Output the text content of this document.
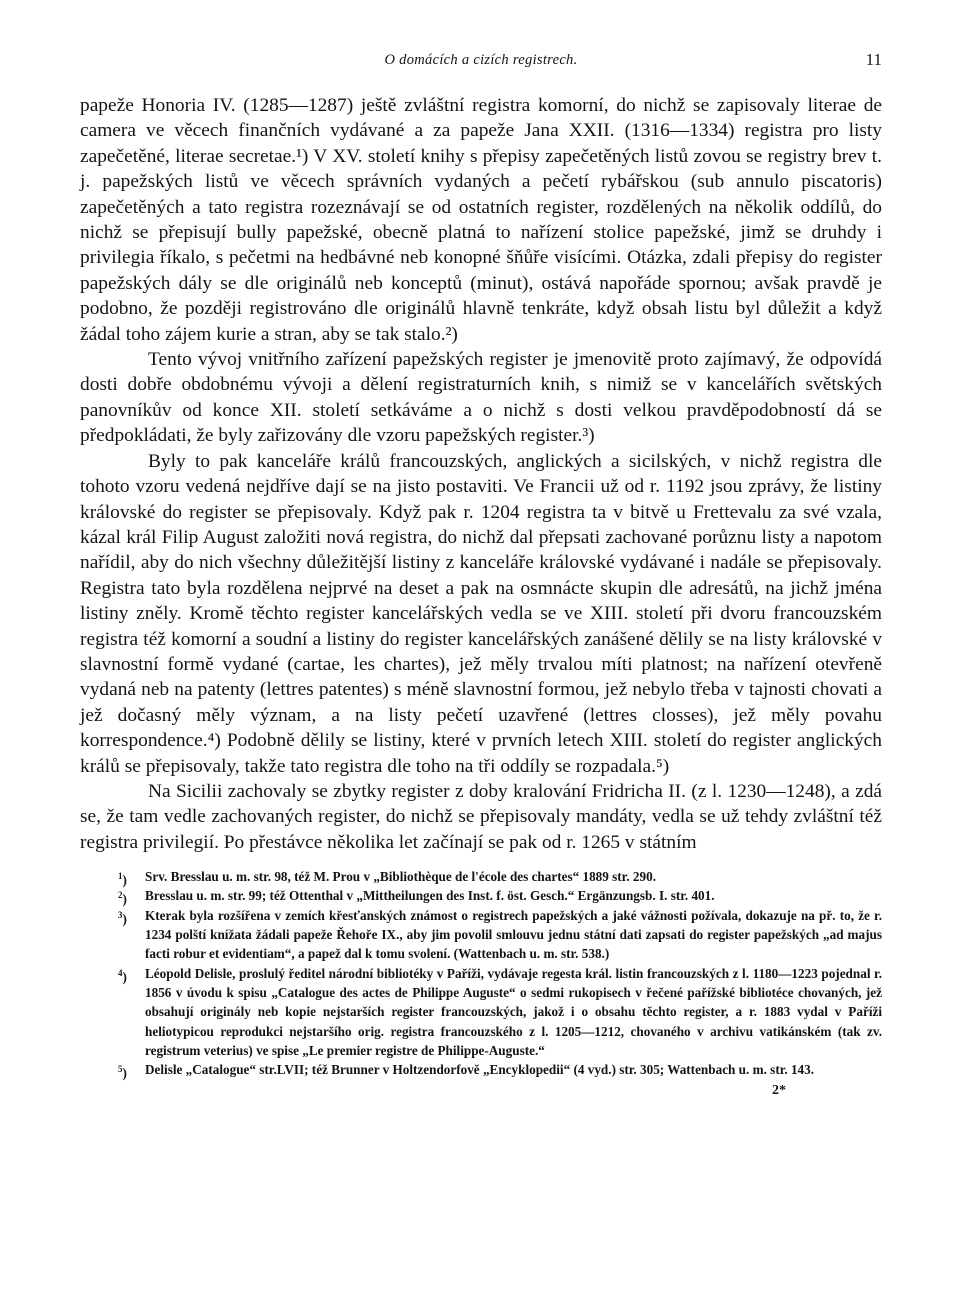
O domácích a cizích registrech.	11

papeže Honoria IV. (1285—1287) ještě zvláštní registra komorní, do nichž se zapisovaly literae de camera ve věcech finančních vydávané a za papeže Jana XXII. (1316—1334) registra pro listy zapečetěné, literae secretae.¹) V XV. století knihy s přepisy zapečetěných listů zovou se registry brev t. j. papežských listů ve věcech správních vydaných a pečetí rybářskou (sub annulo piscatoris) zapečetěných a tato registra rozeznávají se od ostatních register, rozdělených na několik oddílů, do nichž se přepisují bully papežské, obecně platná to nařízení stolice papežské, jimž se druhdy i privilegia říkalo, s pečetmi na hedbávné neb konopné šňůře visícími. Otázka, zdali přepisy do register papežských dály se dle originálů neb konceptů (minut), ostává napořáde spornou; avšak pravdě je podobno, že později registrováno dle originálů hlavně tenkráte, když obsah listu byl důležit a když žádal toho zájem kurie a stran, aby se tak stalo.²)

Tento vývoj vnitřního zařízení papežských register je jmenovitě proto zajímavý, že odpovídá dosti dobře obdobnému vývoji a dělení registraturních knih, s nimiž se v kancelářích světských panovníkův od konce XII. století setkáváme a o nichž s dosti velkou pravděpodobností dá se předpokládati, že byly zařizovány dle vzoru papežských register.³)

Byly to pak kanceláře králů francouzských, anglických a sicilských, v nichž registra dle tohoto vzoru vedená nejdříve dají se na jisto postaviti. Ve Francii už od r. 1192 jsou zprávy, že listiny královské do register se přepisovaly. Když pak r. 1204 registra ta v bitvě u Frettevalu za své vzala, kázal král Filip August založiti nová registra, do nichž dal přepsati zachované porůznu listy a napotom nařídil, aby do nich všechny důležitější listiny z kanceláře královské vydávané i nadále se přepisovaly. Registra tato byla rozdělena nejprvé na deset a pak na osmnácte skupin dle adresátů, na jichž jména listiny zněly. Kromě těchto register kancelářských vedla se ve XIII. století při dvoru francouzském registra též komorní a soudní a listiny do register kancelářských zanášené dělily se na listy královské v slavnostní formě vydané (cartae, les chartes), jež měly trvalou míti platnost; na nařízení otevřeně vydaná neb na patenty (lettres patentes) s méně slavnostní formou, jež nebylo třeba v tajnosti chovati a jež dočasný měly význam, a na listy pečetí uzavřené (lettres closses), jež měly povahu korrespondence.⁴) Podobně dělily se listiny, které v prvních letech XIII. století do register anglických králů se přepisovaly, takže tato registra dle toho na tři oddíly se rozpadala.⁵)

Na Sicilii zachovaly se zbytky register z doby kralování Fridricha II. (z l. 1230—1248), a zdá se, že tam vedle zachovaných register, do nichž se přepisovaly mandáty, vedla se už tehdy zvláštní též registra privilegií. Po přestávce několika let začínají se pak od r. 1265 v státním

$^1$) Srv. Bresslau u. m. str. 98, též M. Prou v „Bibliothèque de l'école des chartes“ 1889 str. 290.
$^2$) Bresslau u. m. str. 99; též Ottenthal v „Mittheilungen des Inst. f. öst. Gesch.“ Ergänzungsb. I. str. 401.
$^3$) Kterak byla rozšířena v zemích křesťanských známost o registrech papežských a jaké vážnosti požívala, dokazuje na př. to, že r. 1234 polští knížata žádali papeže Řehoře IX., aby jim povolil smlouvu jednu státní dati zapsati do register papežských „ad majus facti robur et evidentiam“, a papež dal k tomu svolení. (Wattenbach u. m. str. 538.)
$^4$) Léopold Delisle, proslulý ředitel národní bibliotéky v Paříži, vydávaje regesta král. listin francouzských z l. 1180—1223 pojednal r. 1856 v úvodu k spisu „Catalogue des actes de Philippe Auguste“ o sedmi rukopisech v řečené pařížské bibliotéce chovaných, jež obsahují originály neb kopie nejstarších register francouzských, jakož i o obsahu těchto register, a r. 1883 vydal v Paříži heliotypicou reprodukci nejstaršího orig. registra francouzského z l. 1205—1212, chovaného v archivu vatikánském (tak zv. registrum veterius) ve spise „Le premier registre de Philippe-Auguste.“
$^5$) Delisle „Catalogue“ str.LVII; též Brunner v Holtzendorfově „Encyklopedii“ (4 vyd.) str. 305; Wattenbach u. m. str. 143.
2*
